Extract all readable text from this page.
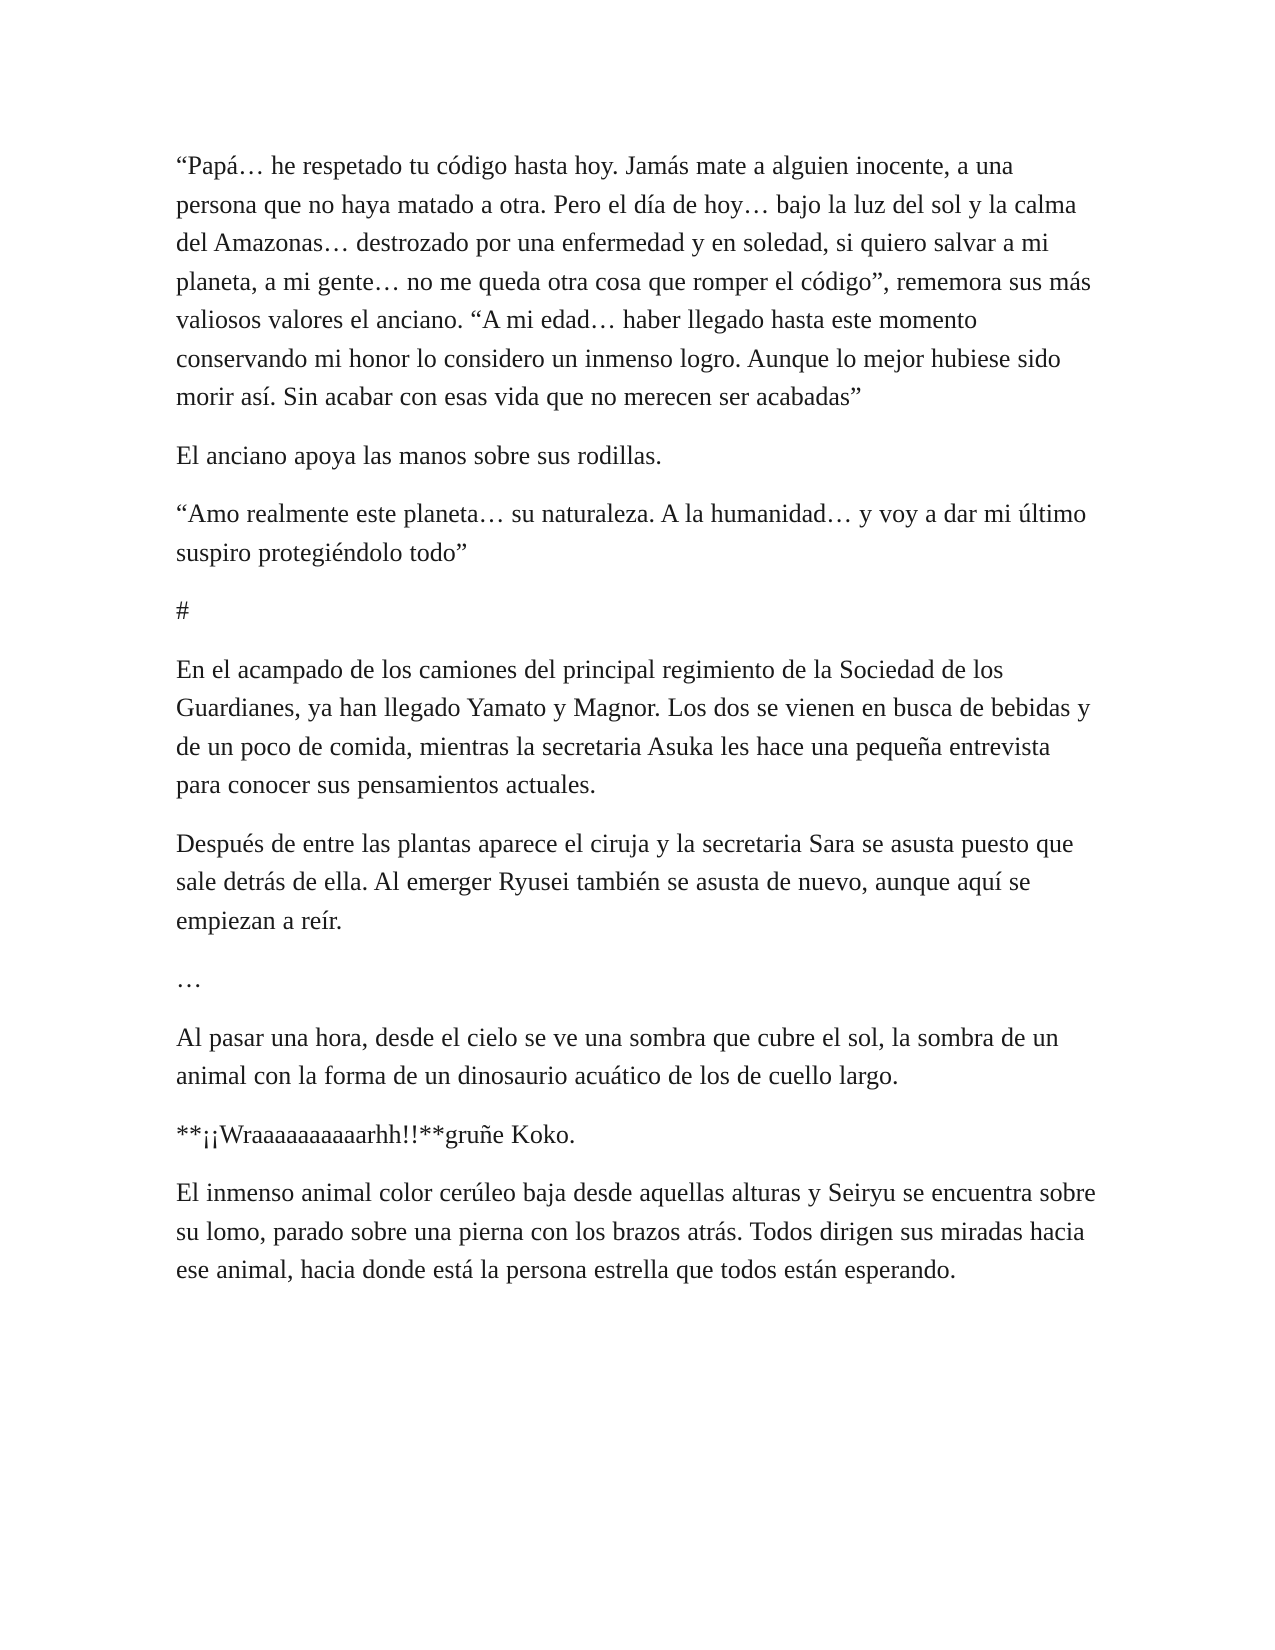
“Papá… he respetado tu código hasta hoy. Jamás mate a alguien inocente, a una persona que no haya matado a otra. Pero el día de hoy… bajo la luz del sol y la calma del Amazonas… destrozado por una enfermedad y en soledad, si quiero salvar a mi planeta, a mi gente… no me queda otra cosa que romper el código”, rememora sus más valiosos valores el anciano. “A mi edad… haber llegado hasta este momento conservando mi honor lo considero un inmenso logro. Aunque lo mejor hubiese sido morir así. Sin acabar con esas vida que no merecen ser acabadas”

El anciano apoya las manos sobre sus rodillas.

“Amo realmente este planeta… su naturaleza. A la humanidad… y voy a dar mi último suspiro protegiéndolo todo”

#

En el acampado de los camiones del principal regimiento de la Sociedad de los Guardianes, ya han llegado Yamato y Magnor. Los dos se vienen en busca de bebidas y de un poco de comida, mientras la secretaria Asuka les hace una pequeña entrevista para conocer sus pensamientos actuales.

Después de entre las plantas aparece el ciruja y la secretaria Sara se asusta puesto que sale detrás de ella. Al emerger Ryusei también se asusta de nuevo, aunque aquí se empiezan a reír.

…

Al pasar una hora, desde el cielo se ve una sombra que cubre el sol, la sombra de un animal con la forma de un dinosaurio acuático de los de cuello largo.

**¡¡Wraaaaaaaaaarhh!!**gruñe Koko.

El inmenso animal color cerúleo baja desde aquellas alturas y Seiryu se encuentra sobre su lomo, parado sobre una pierna con los brazos atrás. Todos dirigen sus miradas hacia ese animal, hacia donde está la persona estrella que todos están esperando.
